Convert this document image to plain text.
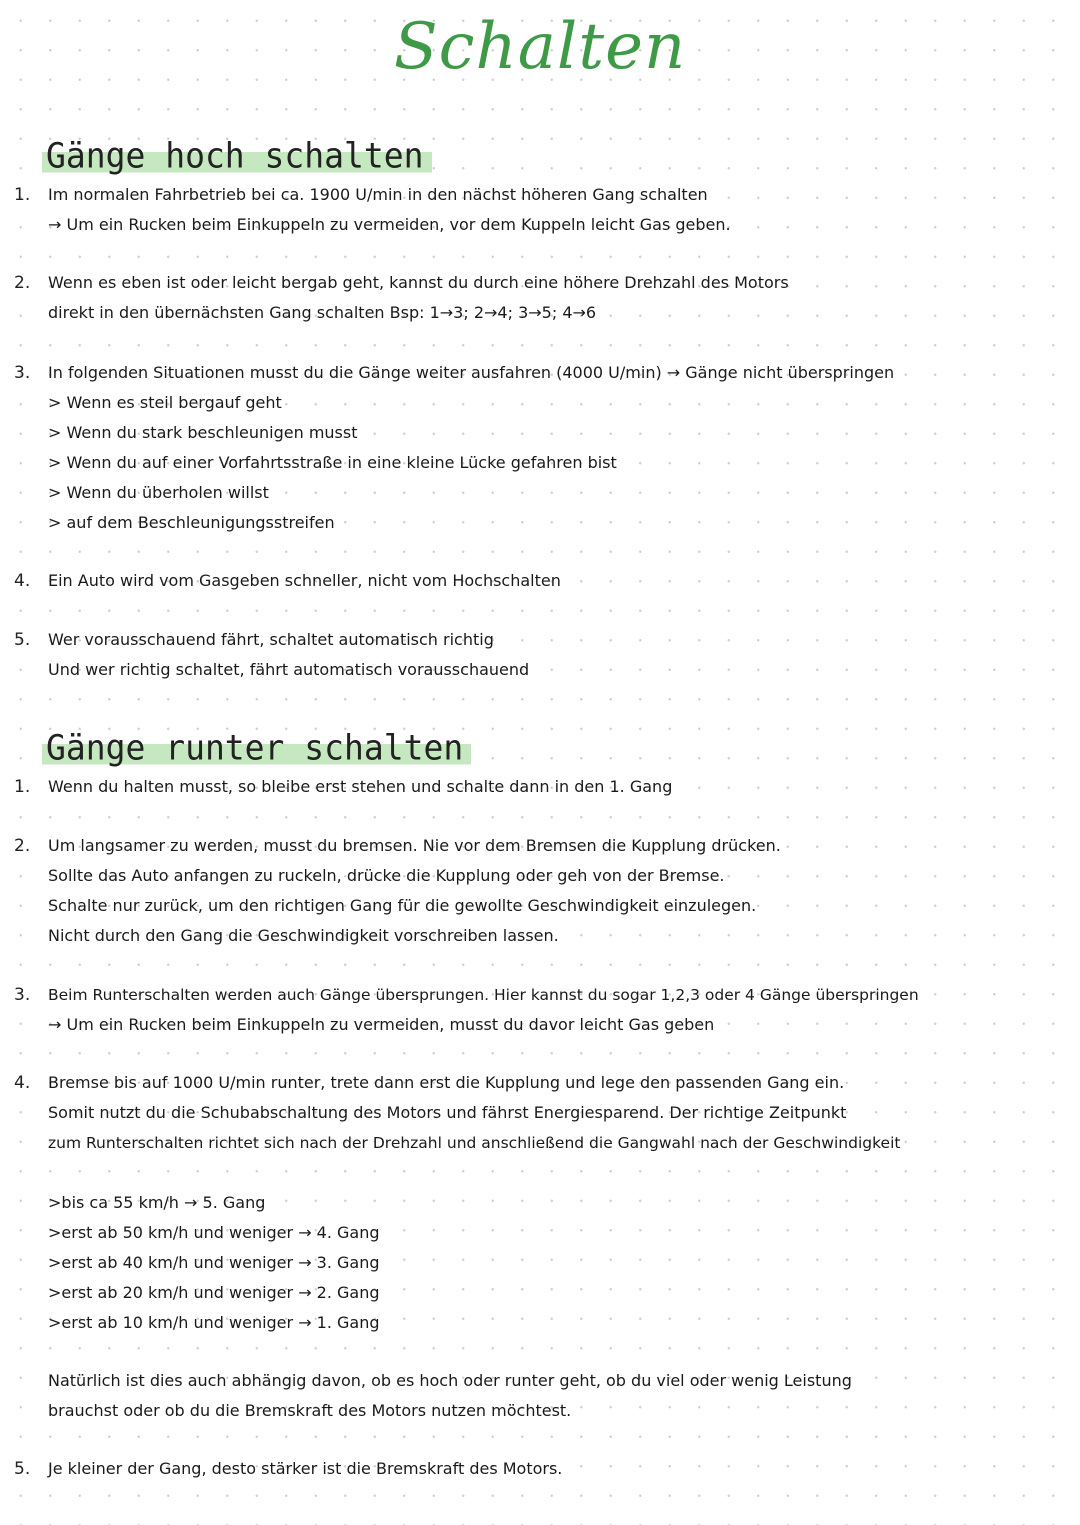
Schalten
Gänge hoch schalten
1. Im normalen Fahrbetrieb bei ca. 1900 U/min in den nächst höheren Gang schalten
→ Um ein Rucken beim Einkuppeln zu vermeiden, vor dem Kuppeln leicht Gas geben.
2. Wenn es eben ist oder leicht bergab geht, kannst du durch eine höhere Drehzahl des Motors
direkt in den übernächsten Gang schalten Bsp: 1→3; 2→4; 3→5; 4→6
3. In folgenden Situationen musst du die Gänge weiter ausfahren (4000 U/min) → Gänge nicht überspringen
> Wenn es steil bergauf geht
> Wenn du stark beschleunigen musst
> Wenn du auf einer Vorfahrtsstraße in eine kleine Lücke gefahren bist
> Wenn du überholen willst
> auf dem Beschleunigungsstreifen
4. Ein Auto wird vom Gasgeben schneller, nicht vom Hochschalten
5. Wer vorausschauend fährt, schaltet automatisch richtig
Und wer richtig schaltet, fährt automatisch vorausschauend
Gänge runter schalten
1. Wenn du halten musst, so bleibe erst stehen und schalte dann in den 1. Gang
2. Um langsamer zu werden, musst du bremsen. Nie vor dem Bremsen die Kupplung drücken.
Sollte das Auto anfangen zu ruckeln, drücke die Kupplung oder geh von der Bremse.
Schalte nur zurück, um den richtigen Gang für die gewollte Geschwindigkeit einzulegen.
Nicht durch den Gang die Geschwindigkeit vorschreiben lassen.
3. Beim Runterschalten werden auch Gänge übersprungen. Hier kannst du sogar 1,2,3 oder 4 Gänge überspringen
→ Um ein Rucken beim Einkuppeln zu vermeiden, musst du davor leicht Gas geben
4. Bremse bis auf 1000 U/min runter, trete dann erst die Kupplung und lege den passenden Gang ein.
Somit nutzt du die Schubabschaltung des Motors und fährst Energiesparend. Der richtige Zeitpunkt
zum Runterschalten richtet sich nach der Drehzahl und anschließend die Gangwahl nach der Geschwindigkeit
>bis ca 55 km/h → 5. Gang
>erst ab 50 km/h und weniger → 4. Gang
>erst ab 40 km/h und weniger → 3. Gang
>erst ab 20 km/h und weniger → 2. Gang
>erst ab 10 km/h und weniger → 1. Gang
Natürlich ist dies auch abhängig davon, ob es hoch oder runter geht, ob du viel oder wenig Leistung
brauchst oder ob du die Bremskraft des Motors nutzen möchtest.
5. Je kleiner der Gang, desto stärker ist die Bremskraft des Motors.
